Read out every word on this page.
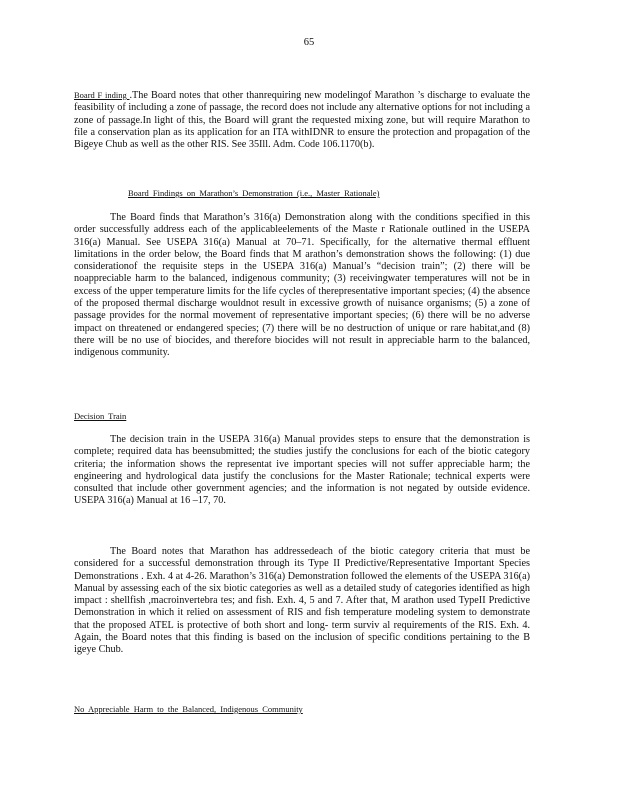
65
Board F inding .The Board notes that other thanrequiring new modelingof Marathon ’s discharge to evaluate the feasibility of including a zone of passage, the record does not include any alternative options for not including a zone of passage.In light of this, the Board will grant the requested mixing zone, but will require Marathon to file a conservation plan as its application for an ITA withIDNR to ensure the protection and propagation of the Bigeye Chub as well as the other RIS. See 35Ill. Adm. Code 106.1170(b).
Board Findings on Marathon’s Demonstration (i.e., Master Rationale)
The Board finds that Marathon’s 316(a) Demonstration along with the conditions specified in this order successfully address each of the applicableelements of the Maste r Rationale outlined in the USEPA 316(a) Manual. See USEPA 316(a) Manual at 70–71. Specifically, for the alternative thermal effluent limitations in the order below, the Board finds that M arathon’s demonstration shows the following: (1) due considerationof the requisite steps in the USEPA 316(a) Manual’s “decision train”; (2) there will be noappreciable harm to the balanced, indigenous community; (3) receivingwater temperatures will not be in excess of the upper temperature limits for the life cycles of therepresentative important species; (4) the absence of the proposed thermal discharge wouldnot result in excessive growth of nuisance organisms; (5) a zone of passage provides for the normal movement of representative important species; (6) there will be no adverse impact on threatened or endangered species; (7) there will be no destruction of unique or rare habitat,and (8) there will be no use of biocides, and therefore biocides will not result in appreciable harm to the balanced, indigenous community.
Decision Train
The decision train in the USEPA 316(a) Manual provides steps to ensure that the demonstration is complete; required data has beensubmitted; the studies justify the conclusions for each of the biotic category criteria; the information shows the representat ive important species will not suffer appreciable harm; the engineering and hydrological data justify the conclusions for the Master Rationale; technical experts were consulted that include other government agencies; and the information is not negated by outside evidence. USEPA 316(a) Manual at 16 –17, 70.
The Board notes that Marathon has addressedeach of the biotic category criteria that must be considered for a successful demonstration through its Type II Predictive/Representative Important Species Demonstrations . Exh. 4 at 4-26. Marathon’s 316(a) Demonstration followed the elements of the USEPA 316(a) Manual by assessing each of the six biotic categories as well as a detailed study of categories identified as high impact : shellfish ,macroinvertebra tes; and fish. Exh. 4, 5 and 7. After that, M arathon used TypeII Predictive Demonstration in which it relied on assessment of RIS and fish temperature modeling system to demonstrate that the proposed ATEL is protective of both short and long- term surviv al requirements of the RIS. Exh. 4. Again, the Board notes that this finding is based on the inclusion of specific conditions pertaining to the B igeye Chub.
No Appreciable Harm to the Balanced, Indigenous Community
